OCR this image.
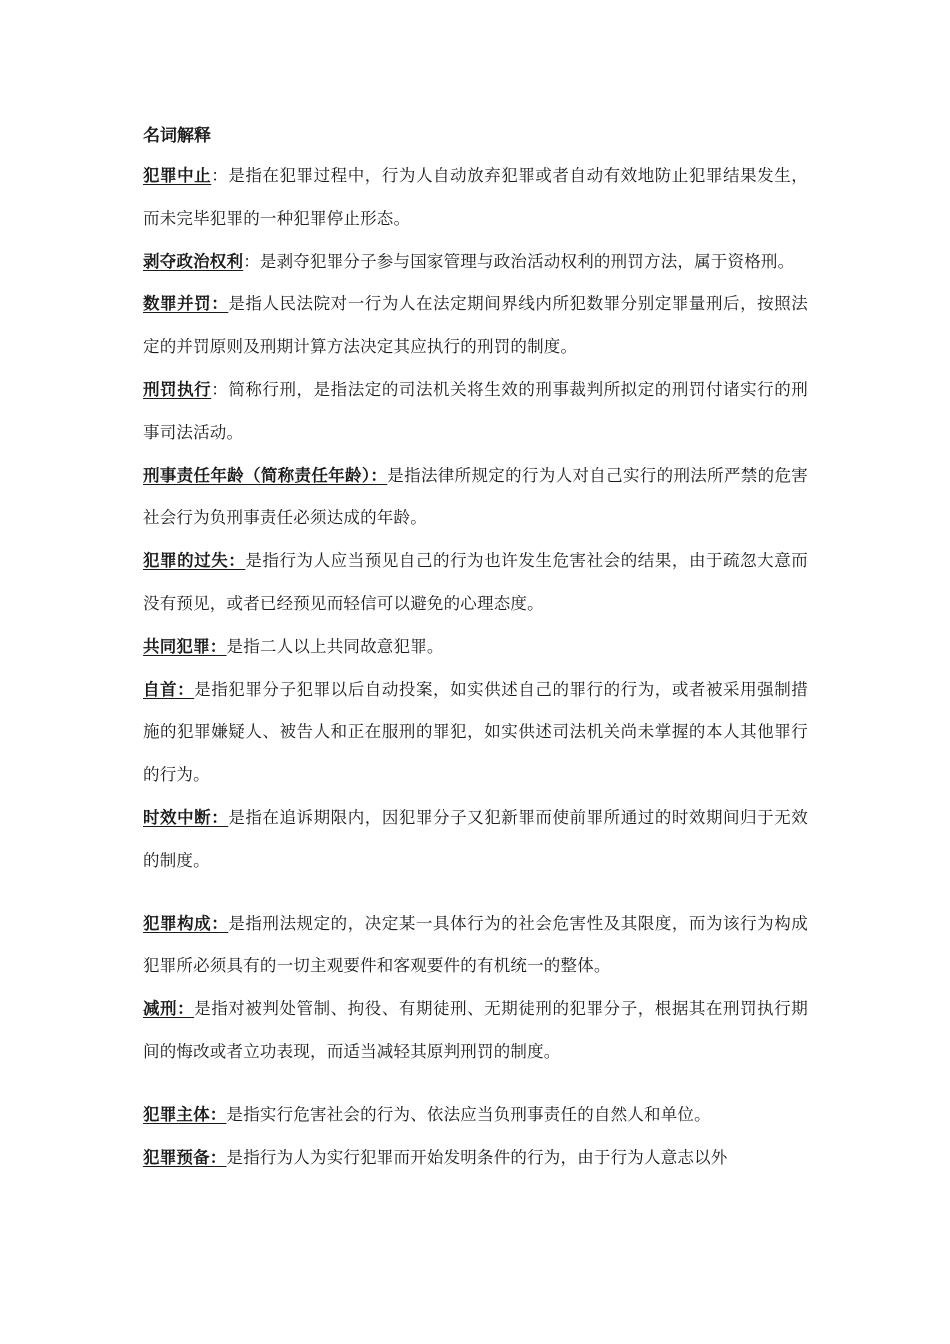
名词解释

犯罪中止：是指在犯罪过程中，行为人自动放弃犯罪或者自动有效地防止犯罪结果发生，而未完毕犯罪的一种犯罪停止形态。

剥夺政治权利：是剥夺犯罪分子参与国家管理与政治活动权利的刑罚方法，属于资格刑。

数罪并罚：是指人民法院对一行为人在法定期间界线内所犯数罪分别定罪量刑后，按照法定的并罚原则及刑期计算方法决定其应执行的刑罚的制度。

刑罚执行：简称行刑，是指法定的司法机关将生效的刑事裁判所拟定的刑罚付诸实行的刑事司法活动。

刑事责任年龄（简称责任年龄）：是指法律所规定的行为人对自己实行的刑法所严禁的危害社会行为负刑事责任必须达成的年龄。

犯罪的过失：是指行为人应当预见自己的行为也许发生危害社会的结果，由于疏忽大意而没有预见，或者已经预见而轻信可以避免的心理态度。

共同犯罪：是指二人以上共同故意犯罪。

自首：是指犯罪分子犯罪以后自动投案，如实供述自己的罪行的行为，或者被采用强制措施的犯罪嫌疑人、被告人和正在服刑的罪犯，如实供述司法机关尚未掌握的本人其他罪行的行为。

时效中断：是指在追诉期限内，因犯罪分子又犯新罪而使前罪所通过的时效期间归于无效的制度。

犯罪构成：是指刑法规定的，决定某一具体行为的社会危害性及其限度，而为该行为构成犯罪所必须具有的一切主观要件和客观要件的有机统一的整体。

减刑：是指对被判处管制、拘役、有期徒刑、无期徒刑的犯罪分子，根据其在刑罚执行期间的悔改或者立功表现，而适当减轻其原判刑罚的制度。

犯罪主体：是指实行危害社会的行为、依法应当负刑事责任的自然人和单位。

犯罪预备：是指行为人为实行犯罪而开始发明条件的行为，由于行为人意志以外
